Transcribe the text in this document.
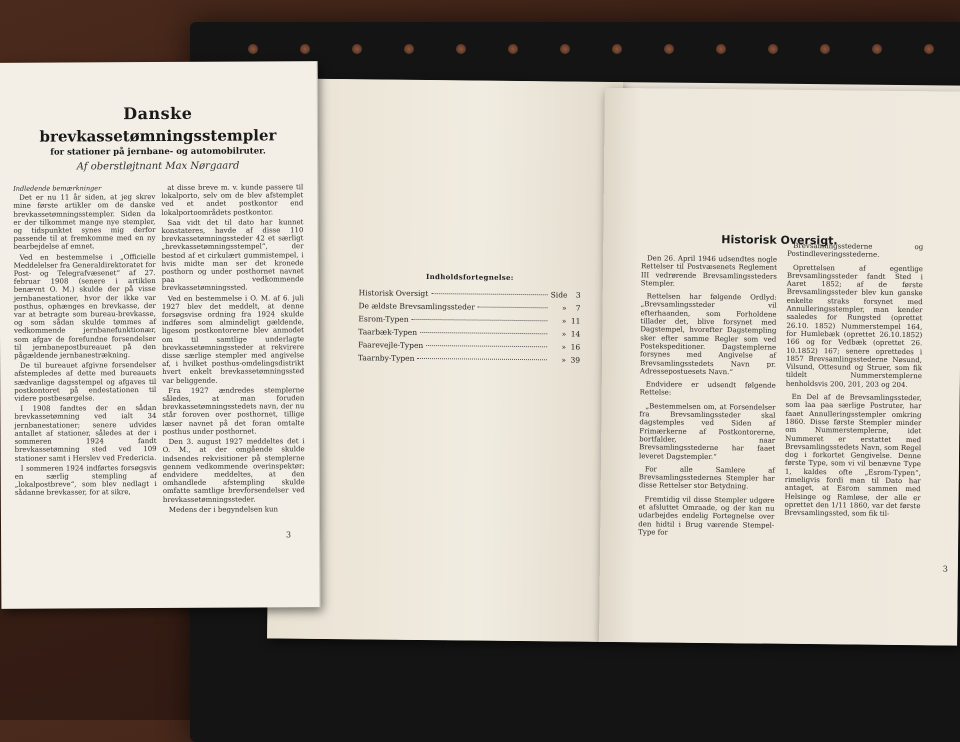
Indholdsfortegnelse:
Historisk Oversigt	Side	3
De ældste Brevsamlingssteder	»	7
Esrom-Typen	» 11
Taarbæk-Typen	» 14
Faarevejle-Typen	» 16
Taarnby-Typen	» 39
Historisk Oversigt.

Den 26. April 1946 udsendtes nogle Rettelser til Postvæsenets Reglement III vedrørende Brevsamlingssteders Stempler.

Rettelsen har følgende Ordlyd: „Brevsamlingssteder vil efterhaanden, som Forholdene tillader det, blive forsynet med Dagstempel, hvorefter Dagstempling sker efter samme Regler som ved Postekspeditioner. Dagstemplerne forsynes med Angivelse af Brevsamlingsstedets Navn pr. Adressepostuesets Navn.“

Endvidere er udsendt følgende Rettelse:

„Bestemmelsen om, at Forsendelser fra Brevsamlingssteder skal dagstemples ved Siden af Frimærkerne af Postkontorerne, bortfalder, naar Brevsamlingsstederne har faaet leveret Dagstempler.“

For alle Samlere af Brevsamlingsstedernes Stempler har disse Rettelser stor Betydning.

Fremtidig vil disse Stempler udgøre et afsluttet Omraade, og der kan nu udarbejdes endelig Fortegnelse over den hidtil i Brug værende Stempel-Type for

Brevsamlingsstederne og Postindleveringsstederne.

Oprettelsen af egentlige Brevsamlingssteder fandt Sted i Aaret 1852; af de første Brevsamlingssteder blev kun ganske enkelte straks forsynet med Annulleringsstempler, man kender saaledes for Rungsted (oprettet 26.10. 1852) Nummerstempel 164, for Humlebæk (oprettet 26.10.1852) 166 og for Vedbæk (oprettet 26. 10.1852) 167; senere oprettedes i 1857 Brevsamlingsstederne Nøsund, Vilsund, Ottesund og Struer, som fik tildelt Nummerstemplerne henholdsvis 200, 201, 203 og 204.

En Del af de Brevsamlingssteder, som laa paa særlige Postruter, har faaet Annulleringsstempler omkring 1860. Disse første Stempler minder om Nummerstemplerne, idet Nummeret er erstattet med Brevsamlingsstedets Navn, som Regel dog i forkortet Gengivelse. Denne første Type, som vi vil benævne Type 1, kaldes ofte „Esrom-Typen“, rimeligvis fordi man til Dato har antaget, at Esrom sammen med Helsinge og Ramløse, der alle er oprettet den 1/11 1860, var det første Brevsamlingssted, som fik til-

3
Danske
brevkassetømningsstempler
for stationer på jernbane- og automobilruter.
Af oberstløjtnant Max Nørgaard
Indledende bemærkninger

Det er nu 11 år siden, at jeg skrev mine første artikler om de danske brevkassetømningsstempler. Siden da er der tilkommet mange nye stempler, og tidspunktet synes mig derfor passende til at fremkomme med en ny bearbejdelse af emnet.

Ved en bestemmelse i „Officielle Meddelelser fra Generaldirektoratet for Post- og Telegrafvæsenet“ af 27. februar 1908 (senere i artiklen benævnt O. M.) skulde der på visse jernbanestationer, hvor der ikke var posthus, ophænges en brevkasse, der var at betragte som bureau-brevkasse, og som sådan skulde tømmes af vedkommende jernbanefunktionær, som afgav de forefundne forsendelser til jernbanepostbureauet på den pågældende jernbanestrækning.

De til bureauet afgivne forsendelser afstempledes af dette med bureauets sædvanlige dagsstempel og afgaves til postkontoret på endestationen til videre postbesørgelse.

I 1908 fandtes der en sådan brevkassetømning ved ialt 34 jernbanestationer; senere udvides antallet af stationer, således at der i sommeren 1924 fandt brevkassetømning sted ved 109 stationer samt i Herslev ved Fredericia.

I sommeren 1924 indførtes forsøgsvis en særlig stempling af „lokalpostbreve“, som blev nedlagt i sådanne brevkasser, for at sikre,

at disse breve m. v. kunde passere til lokalporto, selv om de blev afstemplet ved et andet postkontor end lokalportoområdets postkontor.

Saa vidt det til dato har kunnet konstateres, havde af disse 110 brevkassetømningssteder 42 et særligt „brevkassetømningsstempel“, der bestod af et cirkulært gummistempel, i hvis midte man ser det kronede posthorn og under posthornet navnet paa vedkommende brevkassetømningssted.

Ved en bestemmelse i O. M. af 6. juli 1927 blev det meddelt, at denne forsøgsvise ordning fra 1924 skulde indføres som almindeligt gældende, ligesom postkontorerne blev anmodet om til samtlige underlagte brevkassetømningssteder at rekvirere disse særlige stempler med angivelse af, i hvilket posthus-omdelingsdistrikt hvert enkelt brevkassetømningssted var beliggende.

Fra 1927 ændredes stemplerne således, at man foruden brevkassetømningsstedets navn, der nu står foroven over posthornet, tillige læser navnet på det foran omtalte posthus under posthornet.

Den 3. august 1927 meddeltes det i O. M., at der omgående skulde indsendes rekvisitioner på stemplerne gennem vedkommende overinspektør; endvidere meddeltes, at den omhandlede afstempling skulde omfatte samtlige brevforsendelser ved brevkassetømningssteder.

Medens der i begyndelsen kun

3
